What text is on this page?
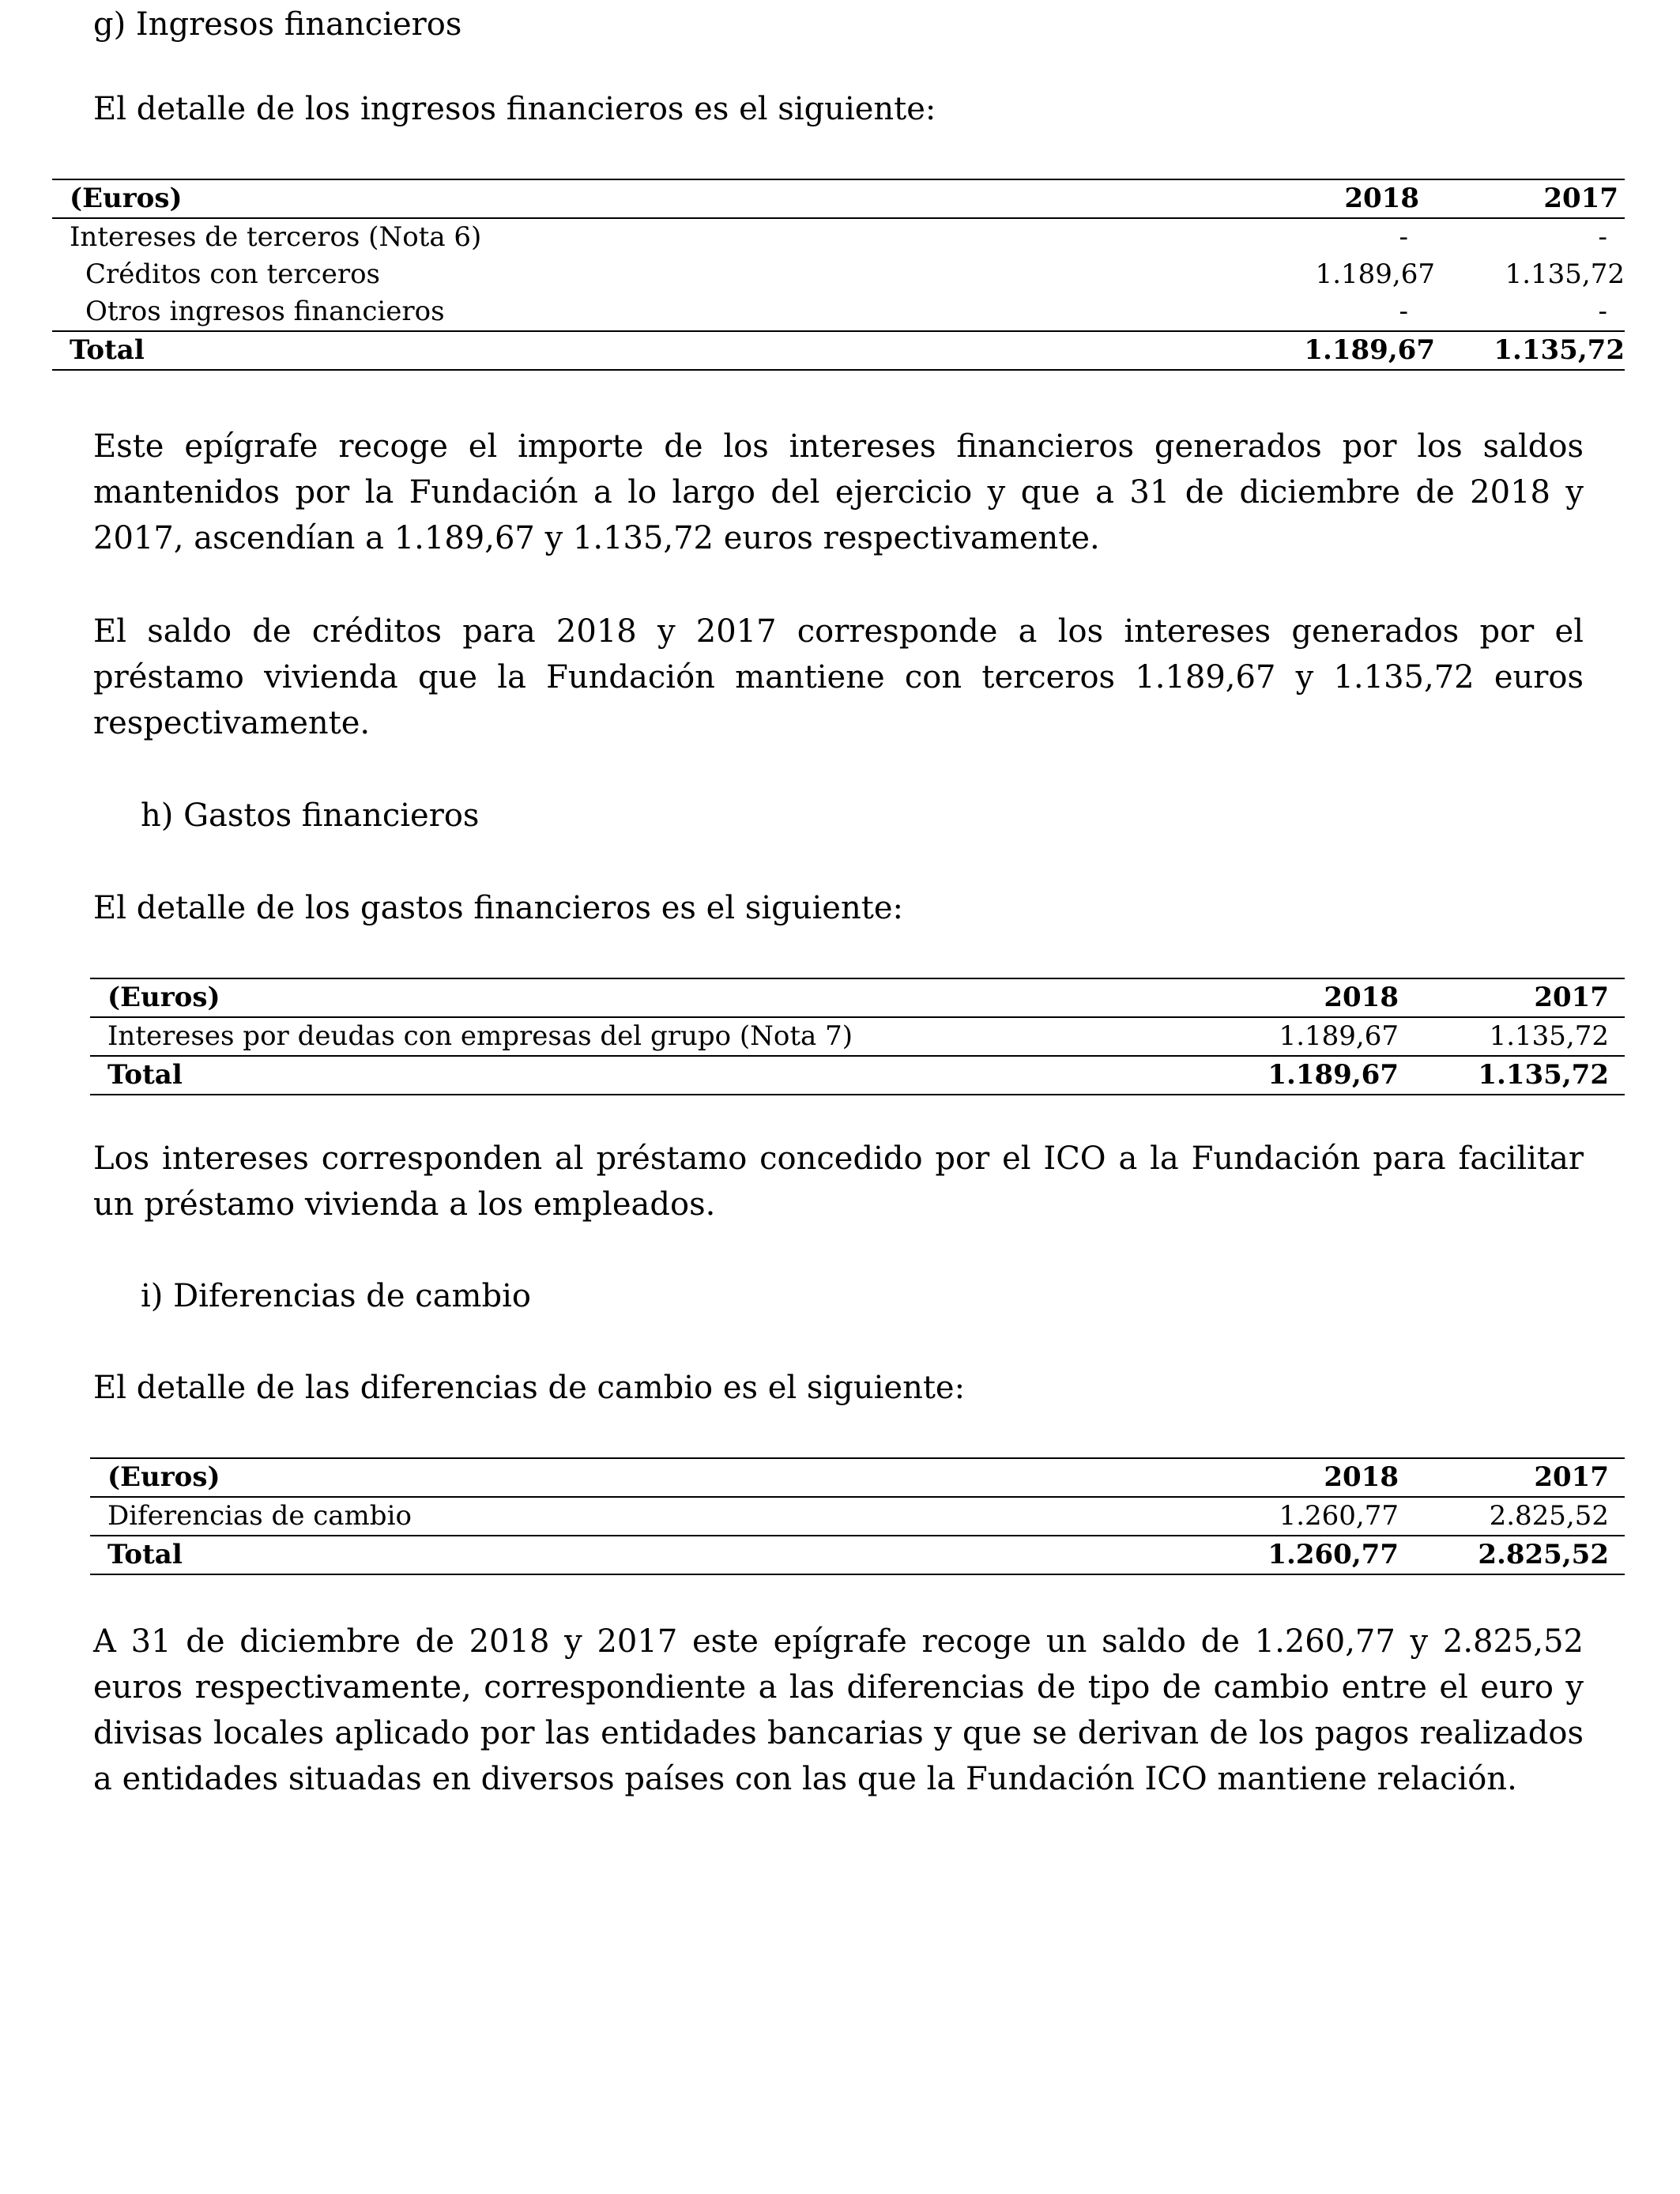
g) Ingresos financieros

El detalle de los ingresos financieros es el siguiente:

(Euros)	2018	2017
Intereses de terceros (Nota 6)	-	-
Créditos con terceros	1.189,67	1.135,72
Otros ingresos financieros	-	-
Total	1.189,67	1.135,72

Este epígrafe recoge el importe de los intereses financieros generados por los saldos mantenidos por la Fundación a lo largo del ejercicio y que a 31 de diciembre de 2018 y 2017, ascendían a 1.189,67 y 1.135,72 euros respectivamente.

El saldo de créditos para 2018 y 2017 corresponde a los intereses generados por el préstamo vivienda que la Fundación mantiene con terceros 1.189,67 y 1.135,72 euros respectivamente.

h) Gastos financieros

El detalle de los gastos financieros es el siguiente:

(Euros)	2018	2017
Intereses por deudas con empresas del grupo (Nota 7)	1.189,67	1.135,72
Total	1.189,67	1.135,72

Los intereses corresponden al préstamo concedido por el ICO a la Fundación para facilitar un préstamo vivienda a los empleados.

i) Diferencias de cambio

El detalle de las diferencias de cambio es el siguiente:

(Euros)	2018	2017
Diferencias de cambio	1.260,77	2.825,52
Total	1.260,77	2.825,52

A 31 de diciembre de 2018 y 2017 este epígrafe recoge un saldo de 1.260,77 y 2.825,52 euros respectivamente, correspondiente a las diferencias de tipo de cambio entre el euro y divisas locales aplicado por las entidades bancarias y que se derivan de los pagos realizados a entidades situadas en diversos países con las que la Fundación ICO mantiene relación.
